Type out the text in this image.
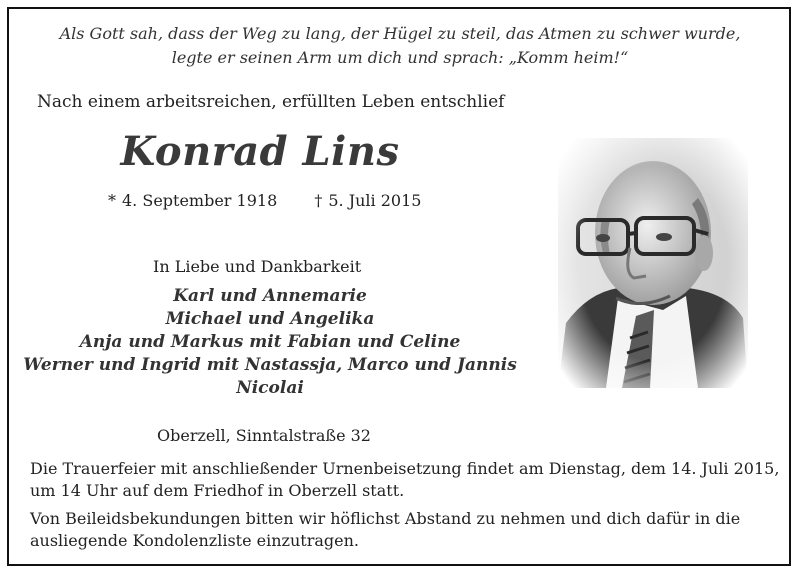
Als Gott sah, dass der Weg zu lang, der Hügel zu steil, das Atmen zu schwer wurde,
legte er seinen Arm um dich und sprach: „Komm heim!“
Nach einem arbeitsreichen, erfüllten Leben entschlief
Konrad Lins
* 4. September 1918 † 5. Juli 2015
In Liebe und Dankbarkeit
Karl und Annemarie
Michael und Angelika
Anja und Markus mit Fabian und Celine
Werner und Ingrid mit Nastassja, Marco und Jannis
Nicolai
Oberzell, Sinntalstraße 32
Die Trauerfeier mit anschließender Urnenbeisetzung findet am Dienstag, dem 14. Juli 2015,
um 14 Uhr auf dem Friedhof in Oberzell statt.
Von Beileidsbekundungen bitten wir höflichst Abstand zu nehmen und dich dafür in die
ausliegende Kondolenzliste einzutragen.
